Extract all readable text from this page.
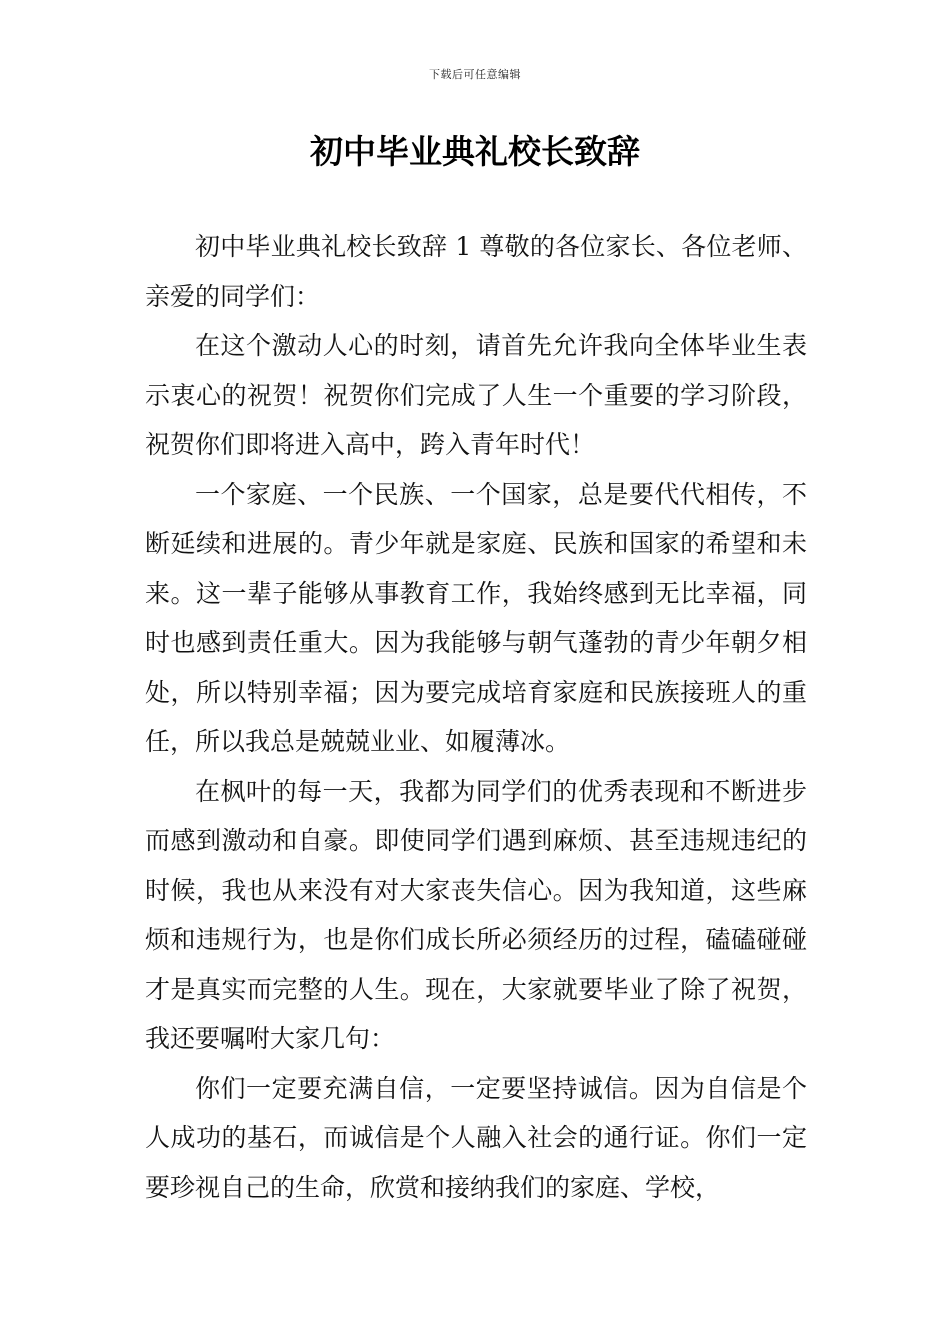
下载后可任意编辑
初中毕业典礼校长致辞

初中毕业典礼校长致辞 1 尊敬的各位家长、各位老师、亲爱的同学们：

在这个激动人心的时刻，请首先允许我向全体毕业生表示衷心的祝贺！祝贺你们完成了人生一个重要的学习阶段，祝贺你们即将进入高中，跨入青年时代！

一个家庭、一个民族、一个国家，总是要代代相传，不断延续和进展的。青少年就是家庭、民族和国家的希望和未来。这一辈子能够从事教育工作，我始终感到无比幸福，同时也感到责任重大。因为我能够与朝气蓬勃的青少年朝夕相处，所以特别幸福；因为要完成培育家庭和民族接班人的重任，所以我总是兢兢业业、如履薄冰。

在枫叶的每一天，我都为同学们的优秀表现和不断进步而感到激动和自豪。即使同学们遇到麻烦、甚至违规违纪的时候，我也从来没有对大家丧失信心。因为我知道，这些麻烦和违规行为，也是你们成长所必须经历的过程，磕磕碰碰才是真实而完整的人生。现在，大家就要毕业了除了祝贺，我还要嘱咐大家几句：

你们一定要充满自信，一定要坚持诚信。因为自信是个人成功的基石，而诚信是个人融入社会的通行证。你们一定要珍视自己的生命，欣赏和接纳我们的家庭、学校，
